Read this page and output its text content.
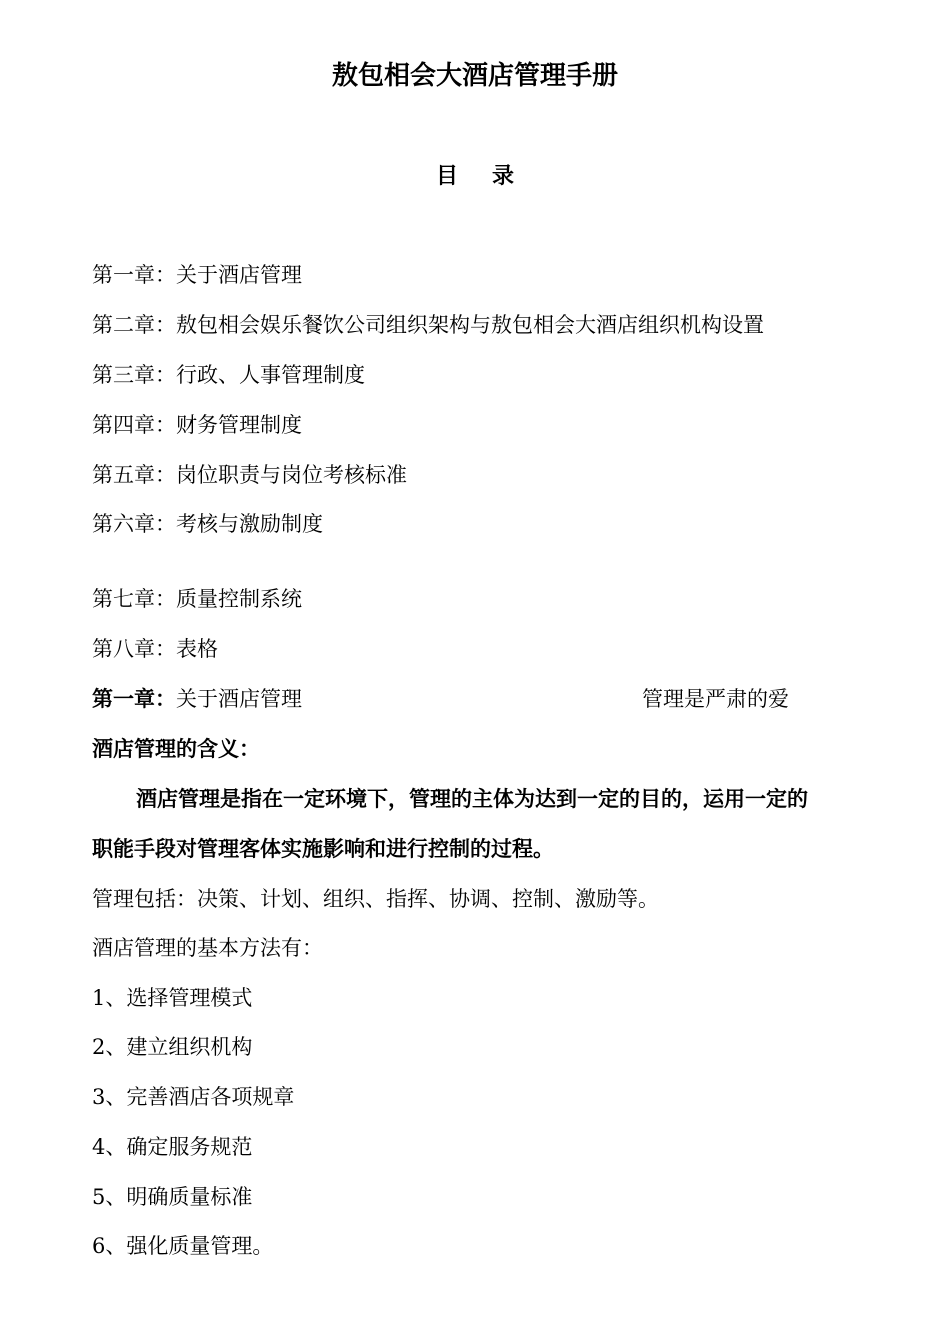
敖包相会大酒店管理手册
目录
第一章：关于酒店管理
第二章：敖包相会娱乐餐饮公司组织架构与敖包相会大酒店组织机构设置
第三章：行政、人事管理制度
第四章：财务管理制度
第五章：岗位职责与岗位考核标准
第六章：考核与激励制度
第七章：质量控制系统
第八章：表格
第一章：关于酒店管理	管理是严肃的爱
酒店管理的含义：
酒店管理是指在一定环境下，管理的主体为达到一定的目的，运用一定的
职能手段对管理客体实施影响和进行控制的过程。
管理包括：决策、计划、组织、指挥、协调、控制、激励等。
酒店管理的基本方法有：
1、选择管理模式
2、建立组织机构
3、完善酒店各项规章
4、确定服务规范
5、明确质量标准
6、强化质量管理。
